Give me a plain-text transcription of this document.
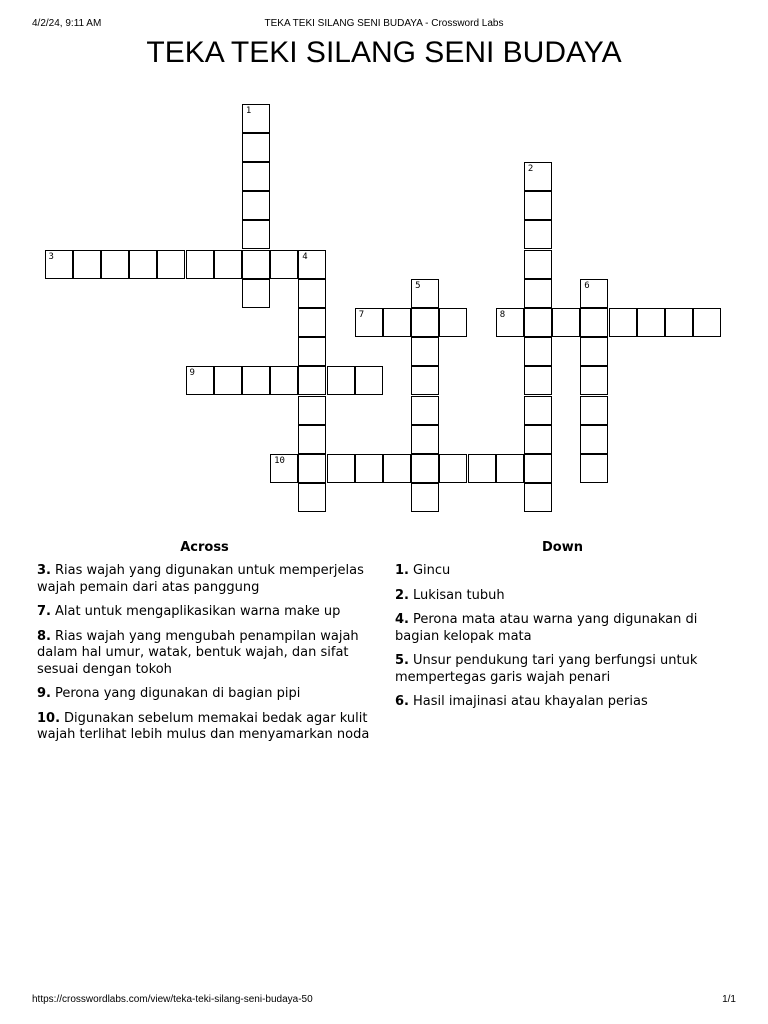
4/2/24, 9:11 AM	TEKA TEKI SILANG SENI BUDAYA - Crossword Labs
TEKA TEKI SILANG SENI BUDAYA
1
2
3	4
5	6
7	8
9
10
Across
3. Rias wajah yang digunakan untuk memperjelas wajah pemain dari atas panggung
7. Alat untuk mengaplikasikan warna make up
8. Rias wajah yang mengubah penampilan wajah dalam hal umur, watak, bentuk wajah, dan sifat sesuai dengan tokoh
9. Perona yang digunakan di bagian pipi
10. Digunakan sebelum memakai bedak agar kulit wajah terlihat lebih mulus dan menyamarkan noda
Down
1. Gincu
2. Lukisan tubuh
4. Perona mata atau warna yang digunakan di bagian kelopak mata
5. Unsur pendukung tari yang berfungsi untuk mempertegas garis wajah penari
6. Hasil imajinasi atau khayalan perias
https://crosswordlabs.com/view/teka-teki-silang-seni-budaya-50	1/1
